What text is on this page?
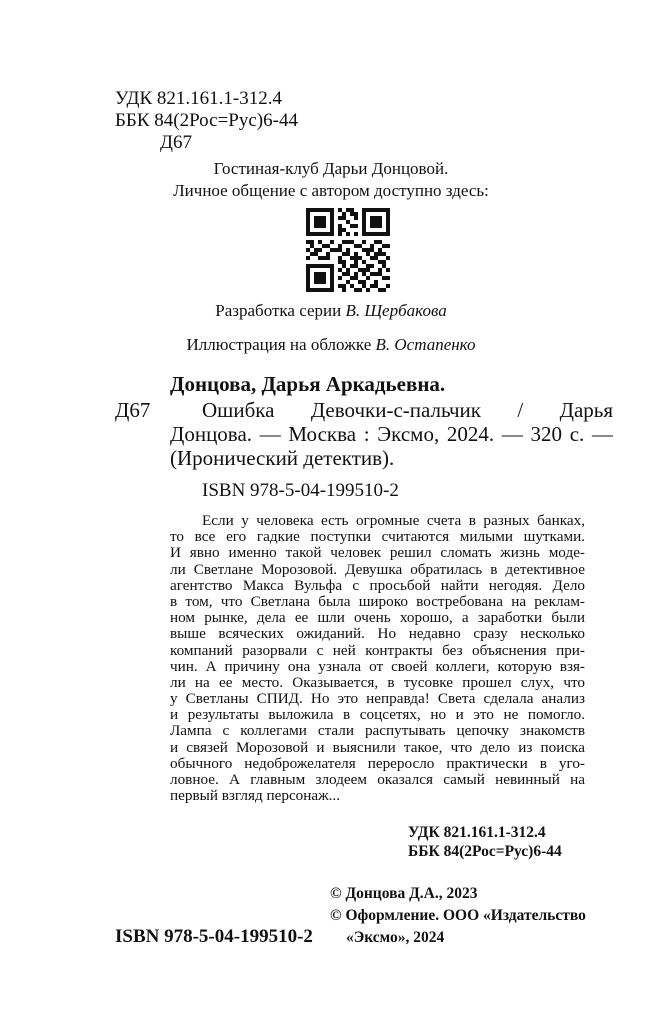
УДК 821.161.1-312.4
ББК 84(2Рос=Рус)6-44
Д67
Гостиная-клуб Дарьи Донцовой.
Личное общение с автором доступно здесь:
Разработка серии В. Щербакова
Иллюстрация на обложке В. Остапенко
Донцова, Дарья Аркадьевна.
Д67	Ошибка Девочки-с-пальчик / Дарья
Донцова. — Москва : Эксмо, 2024. — 320 с. —
(Иронический детектив).
ISBN 978-5-04-199510-2
Если у человека есть огромные счета в разных банках,
то все его гадкие поступки считаются милыми шутками.
И явно именно такой человек решил сломать жизнь моде-
ли Светлане Морозовой. Девушка обратилась в детективное
агентство Макса Вульфа с просьбой найти негодяя. Дело
в том, что Светлана была широко востребована на реклам-
ном рынке, дела ее шли очень хорошо, а заработки были
выше всяческих ожиданий. Но недавно сразу несколько
компаний разорвали с ней контракты без объяснения при-
чин. А причину она узнала от своей коллеги, которую взя-
ли на ее место. Оказывается, в тусовке прошел слух, что
у Светланы СПИД. Но это неправда! Света сделала анализ
и результаты выложила в соцсетях, но и это не помогло.
Лампа с коллегами стали распутывать цепочку знакомств
и связей Морозовой и выяснили такое, что дело из поиска
обычного недоброжелателя переросло практически в уго-
ловное. А главным злодеем оказался самый невинный на
первый взгляд персонаж...
УДК 821.161.1-312.4
ББК 84(2Рос=Рус)6-44
© Донцова Д.А., 2023
© Оформление. ООО «Издательство
«Эксмо», 2024
ISBN 978-5-04-199510-2
